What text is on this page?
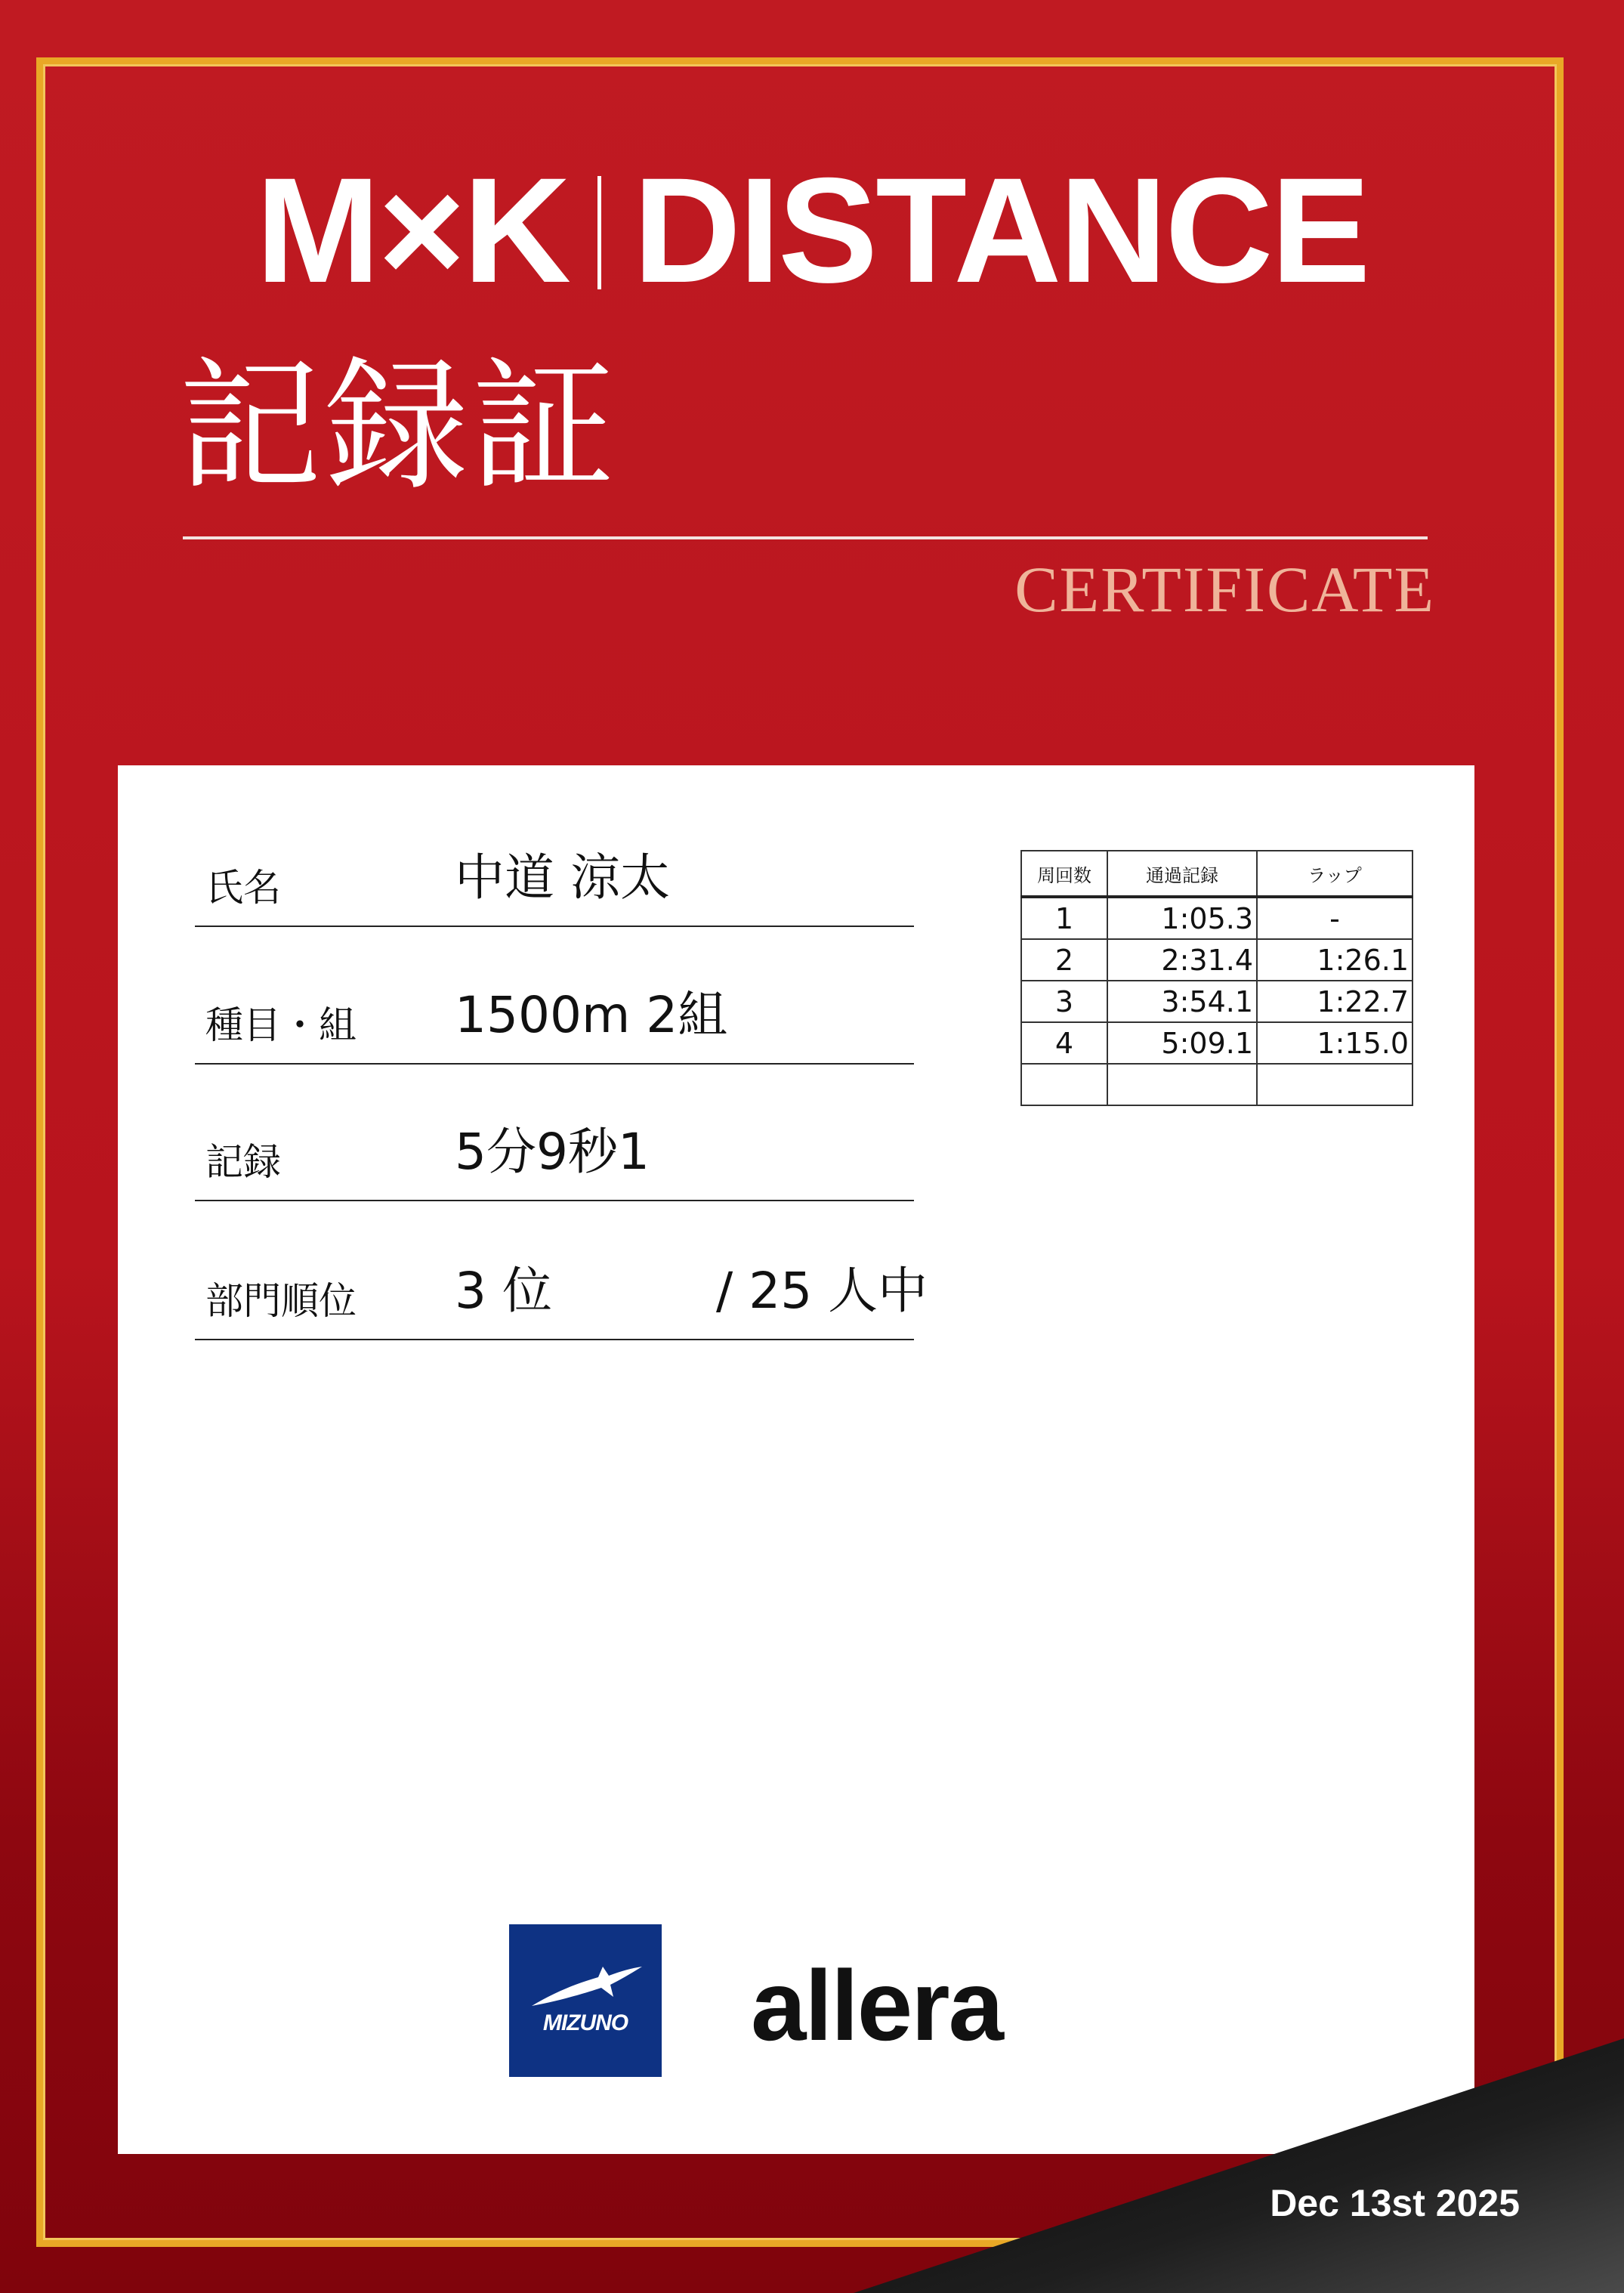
M×K DISTANCE
記録証
CERTIFICATE
氏名	中道 涼太
種目・組 1500m 2組
記録	5分9秒1
部門順位 3 位	/ 25 人中
周回数	通過記録	ラップ
1	1:05.3	-
2	2:31.4	1:26.1
3	3:54.1	1:22.7
4	5:09.1	1:15.0

MIZUNO	allera
Dec 13st 2025
